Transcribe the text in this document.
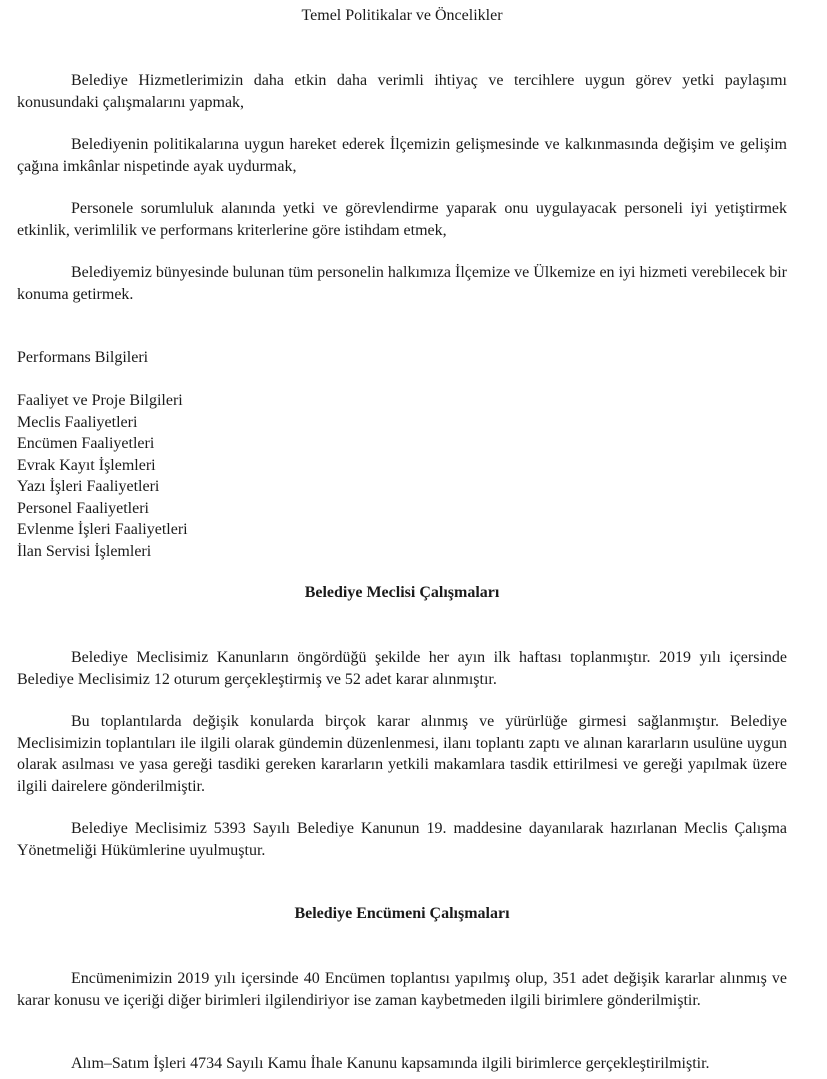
Temel Politikalar ve Öncelikler

Belediye Hizmetlerimizin daha etkin daha verimli ihtiyaç ve tercihlere uygun görev yetki paylaşımı konusundaki çalışmalarını yapmak,

Belediyenin politikalarına uygun hareket ederek İlçemizin gelişmesinde ve kalkınmasında değişim ve gelişim çağına imkânlar nispetinde ayak uydurmak,

Personele sorumluluk alanında yetki ve görevlendirme yaparak onu uygulayacak personeli iyi yetiştirmek etkinlik, verimlilik ve performans kriterlerine göre istihdam etmek,

Belediyemiz bünyesinde bulunan tüm personelin halkımıza İlçemize ve Ülkemize en iyi hizmeti verebilecek bir konuma getirmek.

Performans Bilgileri
Faaliyet ve Proje Bilgileri
Meclis Faaliyetleri
Encümen Faaliyetleri
Evrak Kayıt İşlemleri
Yazı İşleri Faaliyetleri
Personel Faaliyetleri
Evlenme İşleri Faaliyetleri
İlan Servisi İşlemleri
Belediye Meclisi Çalışmaları

Belediye Meclisimiz Kanunların öngördüğü şekilde her ayın ilk haftası toplanmıştır. 2019 yılı içersinde Belediye Meclisimiz 12 oturum gerçekleştirmiş ve 52 adet karar alınmıştır.

Bu toplantılarda değişik konularda birçok karar alınmış ve yürürlüğe girmesi sağlanmıştır. Belediye Meclisimizin toplantıları ile ilgili olarak gündemin düzenlenmesi, ilanı toplantı zaptı ve alınan kararların usulüne uygun olarak asılması ve yasa gereği tasdiki gereken kararların yetkili makamlara tasdik ettirilmesi ve gereği yapılmak üzere ilgili dairelere gönderilmiştir.

Belediye Meclisimiz 5393 Sayılı Belediye Kanunun 19. maddesine dayanılarak hazırlanan Meclis Çalışma Yönetmeliği Hükümlerine uyulmuştur.

Belediye Encümeni Çalışmaları

Encümenimizin 2019 yılı içersinde 40 Encümen toplantısı yapılmış olup, 351 adet değişik kararlar alınmış ve karar konusu ve içeriği diğer birimleri ilgilendiriyor ise zaman kaybetmeden ilgili birimlere gönderilmiştir.

Alım–Satım İşleri 4734 Sayılı Kamu İhale Kanunu kapsamında ilgili birimlerce gerçekleştirilmiştir.
